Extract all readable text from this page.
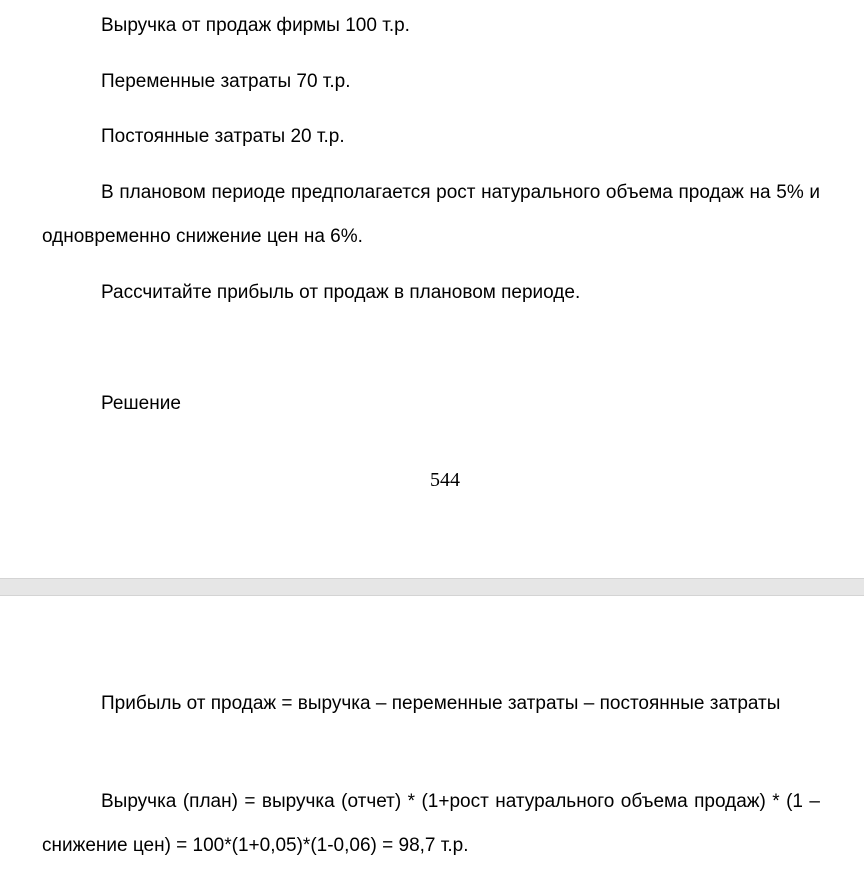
Выручка от продаж фирмы 100 т.р.

Переменные затраты 70 т.р.

Постоянные затраты 20 т.р.

В плановом периоде предполагается рост натурального объема продаж на 5% и одновременно снижение цен на 6%.

Рассчитайте прибыль от продаж в плановом периоде.

Решение

544

Прибыль от продаж = выручка – переменные затраты – постоянные затраты

Выручка (план) = выручка (отчет) * (1+рост натурального объема продаж) * (1 – снижение цен) = 100*(1+0,05)*(1-0,06) = 98,7 т.р.
